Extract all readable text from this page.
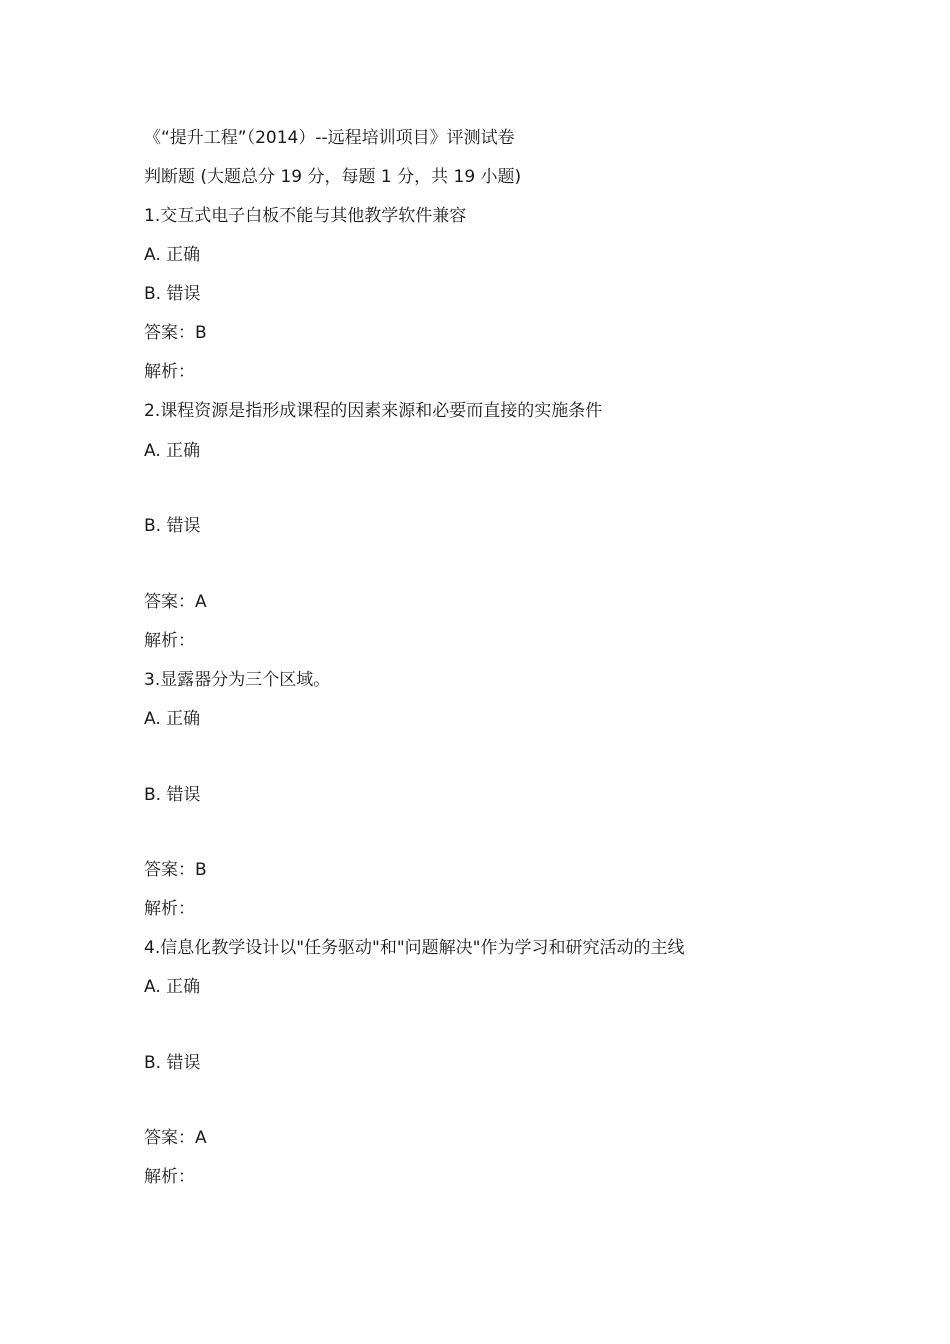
《“提升工程”（2014）--远程培训项目》评测试卷
判断题 (大题总分 19 分，每题 1 分，共 19 小题)
1.交互式电子白板不能与其他教学软件兼容
A. 正确
B. 错误
答案：B
解析：
2.课程资源是指形成课程的因素来源和必要而直接的实施条件
A. 正确
B. 错误
答案：A
解析：
3.显露器分为三个区域。
A. 正确
B. 错误
答案：B
解析：
4.信息化教学设计以"任务驱动"和"问题解决"作为学习和研究活动的主线
A. 正确
B. 错误
答案：A
解析：
